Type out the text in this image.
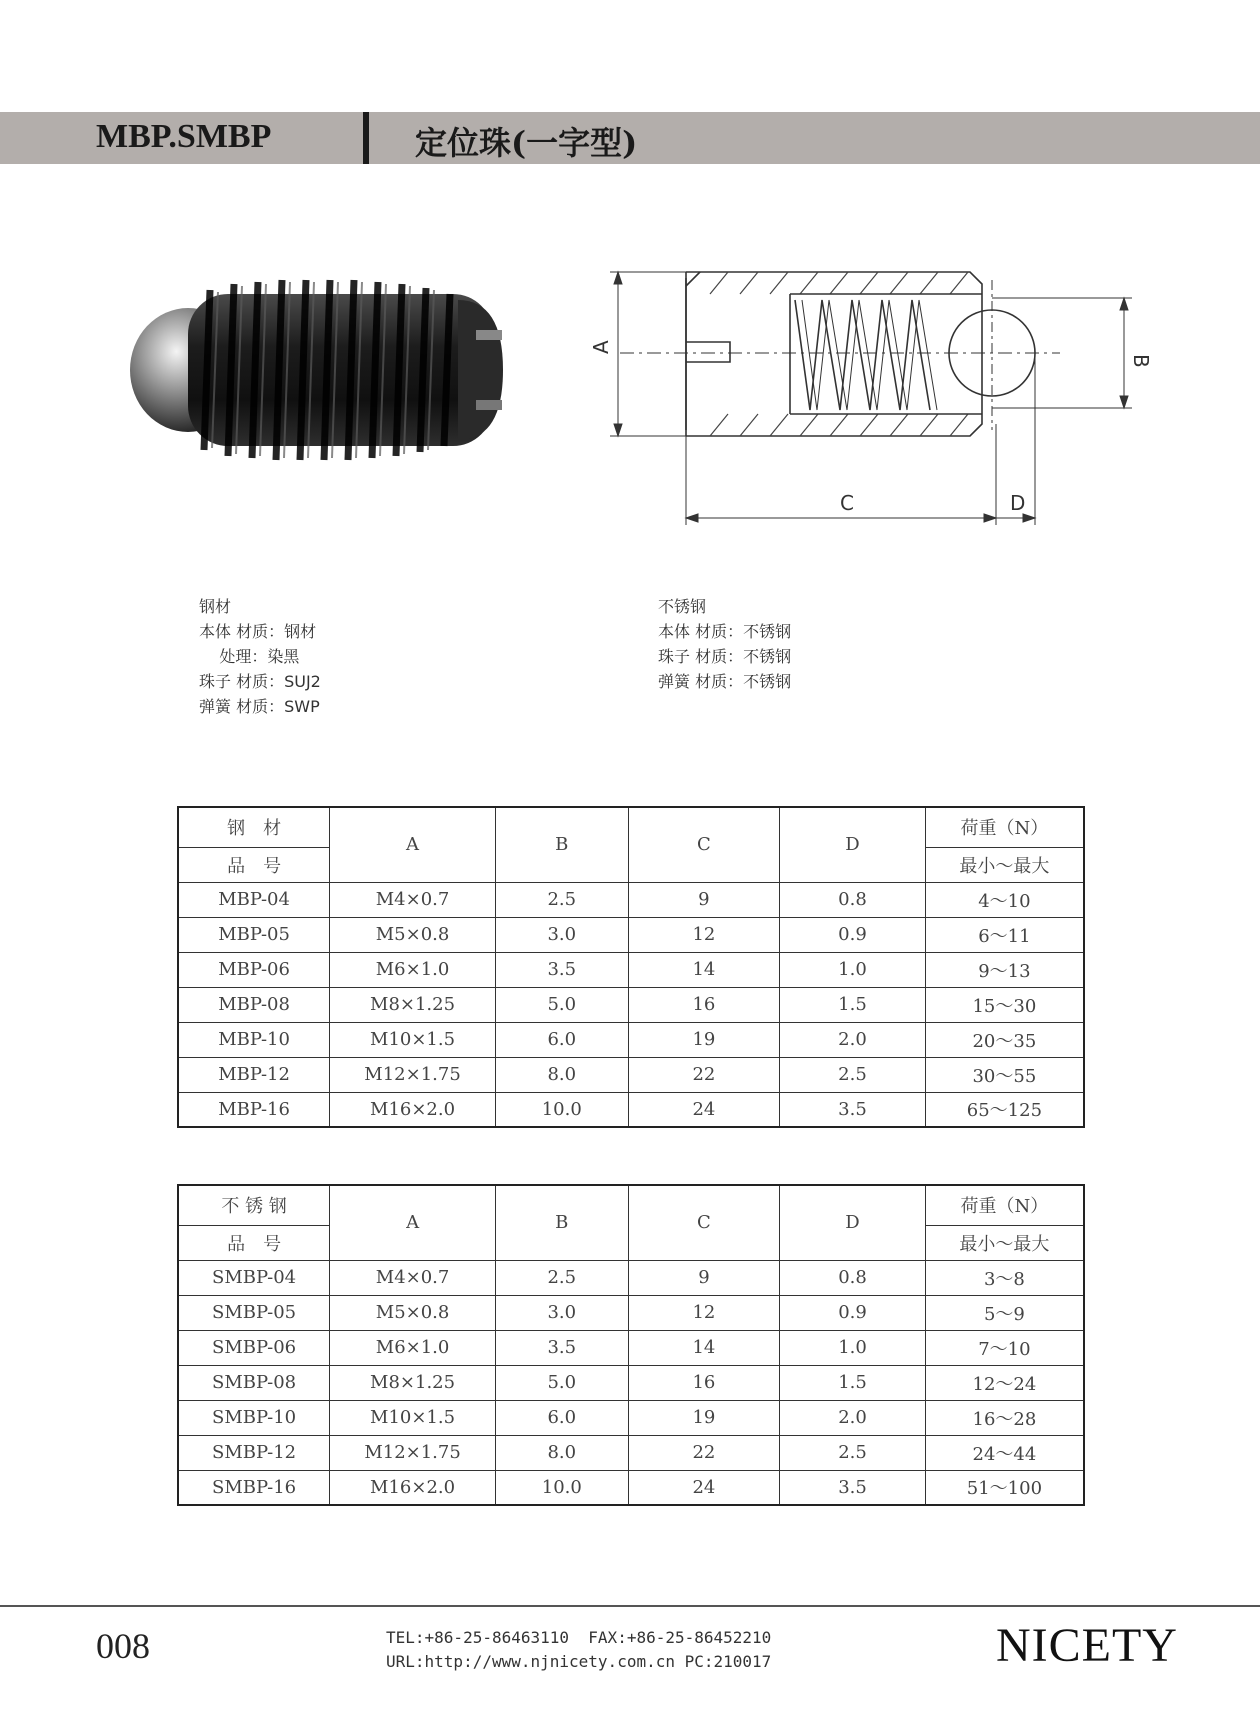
MBP.SMBP	定位珠(一字型)
A
B
C	D
钢材
本体 材质：钢材
处理：染黑
珠子 材质：SUJ2
弹簧 材质：SWP
不锈钢
本体 材质：不锈钢
珠子 材质：不锈钢
弹簧 材质：不锈钢
钢　材	A	B	C	D	荷重（N）
品　号					最小～最大
MBP-04	M4×0.7	2.5	9	0.8	4～10
MBP-05	M5×0.8	3.0	12	0.9	6～11
MBP-06	M6×1.0	3.5	14	1.0	9～13
MBP-08	M8×1.25	5.0	16	1.5	15～30
MBP-10	M10×1.5	6.0	19	2.0	20～35
MBP-12	M12×1.75	8.0	22	2.5	30～55
MBP-16	M16×2.0	10.0	24	3.5	65～125
不 锈 钢	A	B	C	D	荷重（N）
品　号					最小～最大
SMBP-04	M4×0.7	2.5	9	0.8	3～8
SMBP-05	M5×0.8	3.0	12	0.9	5～9
SMBP-06	M6×1.0	3.5	14	1.0	7～10
SMBP-08	M8×1.25	5.0	16	1.5	12～24
SMBP-10	M10×1.5	6.0	19	2.0	16～28
SMBP-12	M12×1.75	8.0	22	2.5	24～44
SMBP-16	M16×2.0	10.0	24	3.5	51～100
008	TEL:+86-25-86463110  FAX:+86-25-86452210
URL:http://www.njnicety.com.cn PC:210017	NICETY
